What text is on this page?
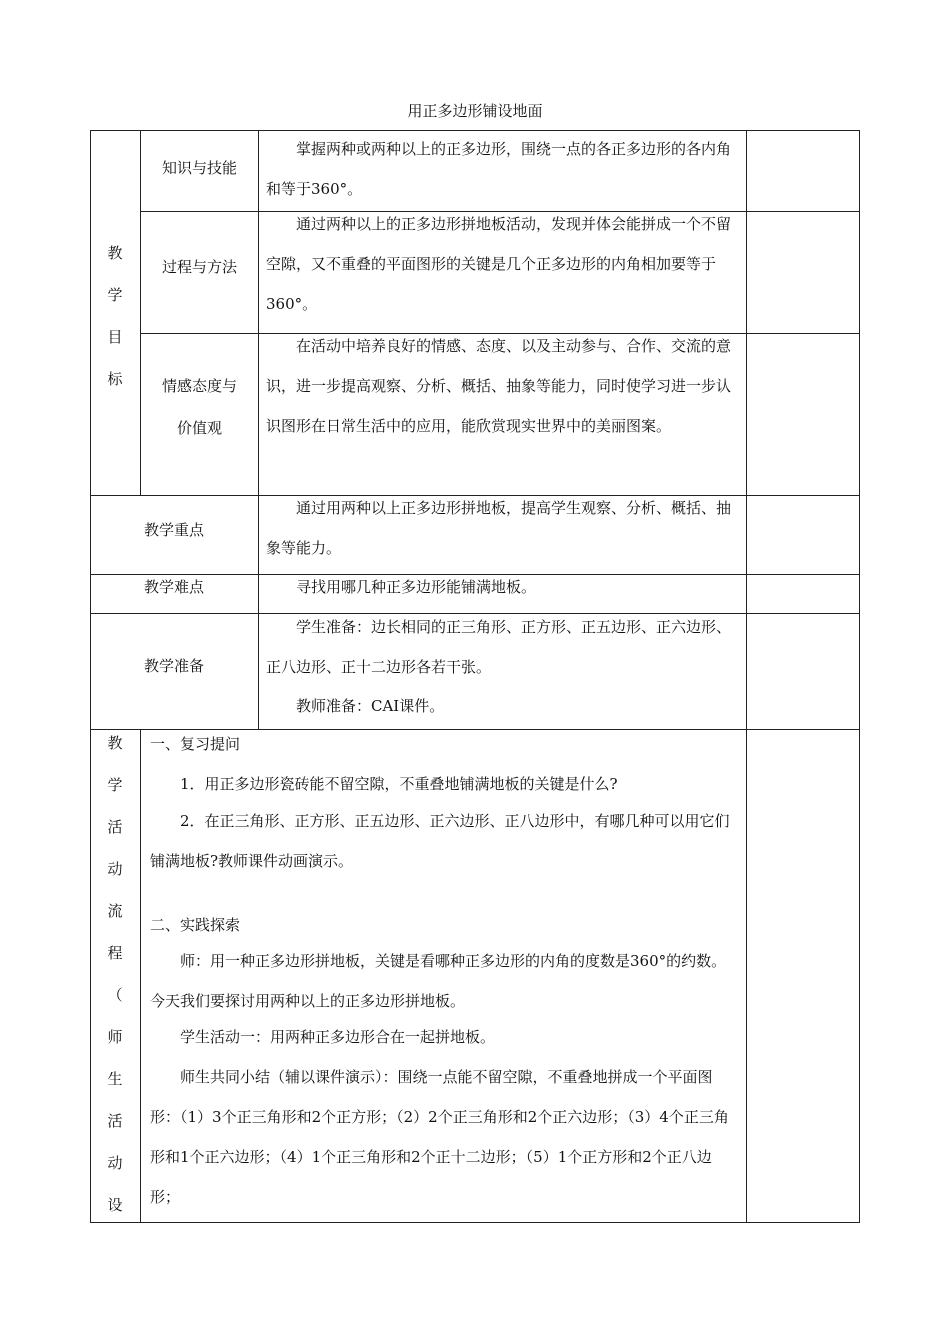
用正多边形铺设地面
教
学
目
标
知识与技能
掌握两种或两种以上的正多边形，围绕一点的各正多边形的各内角和等于360°。
过程与方法
通过两种以上的正多边形拼地板活动，发现并体会能拼成一个不留空隙，又不重叠的平面图形的关键是几个正多边形的内角相加要等于360°。
情感态度与
价值观
在活动中培养良好的情感、态度、以及主动参与、合作、交流的意识，进一步提高观察、分析、概括、抽象等能力，同时使学习进一步认识图形在日常生活中的应用，能欣赏现实世界中的美丽图案。
教学重点
通过用两种以上正多边形拼地板，提高学生观察、分析、概括、抽象等能力。
教学难点	寻找用哪几种正多边形能铺满地板。
教学准备
学生准备：边长相同的正三角形、正方形、正五边形、正六边形、正八边形、正十二边形各若干张。
教师准备：CAI课件。
教
学
活
动
流
程
（
师
生
活
动
设
一、复习提问
1．用正多边形瓷砖能不留空隙，不重叠地铺满地板的关键是什么?
2．在正三角形、正方形、正五边形、正六边形、正八边形中，有哪几种可以用它们铺满地板?教师课件动画演示。
二、实践探索
师：用一种正多边形拼地板，关键是看哪种正多边形的内角的度数是360°的约数。今天我们要探讨用两种以上的正多边形拼地板。
学生活动一：用两种正多边形合在一起拼地板。
师生共同小结（辅以课件演示）：围绕一点能不留空隙，不重叠地拼成一个平面图形：（1）3个正三角形和2个正方形；（2）2个正三角形和2个正六边形；（3）4个正三角形和1个正六边形；（4）1个正三角形和2个正十二边形；（5）1个正方形和2个正八边形；
